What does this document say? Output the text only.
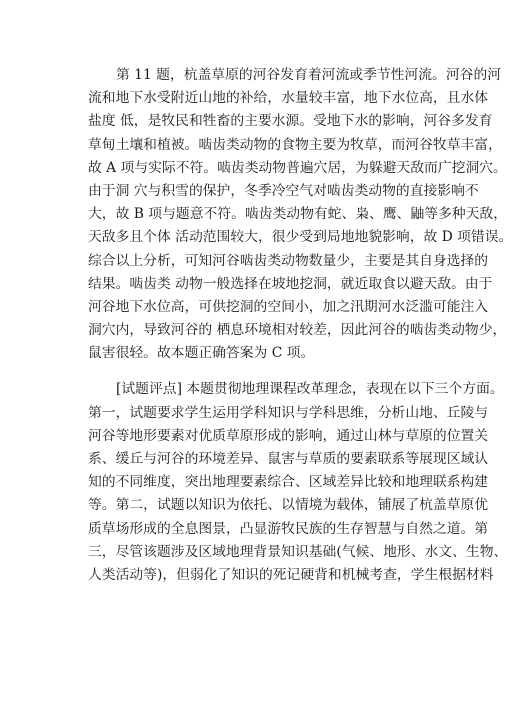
第 11 题，杭盖草原的河谷发育着河流或季节性河流。河谷的河
流和地下水受附近山地的补给，水量较丰富，地下水位高，且水体
盐度 低，是牧民和牲畜的主要水源。受地下水的影响，河谷多发育
草甸土壤和植被。啮齿类动物的食物主要为牧草，而河谷牧草丰富，
故 A 项与实际不符。啮齿类动物普遍穴居，为躲避天敌而广挖洞穴。
由于洞 穴与积雪的保护，冬季冷空气对啮齿类动物的直接影响不
大，故 B 项与题意不符。啮齿类动物有蛇、枭、鹰、鼬等多种天敌，
天敌多且个体 活动范围较大，很少受到局地地貌影响，故 D 项错误。
综合以上分析，可知河谷啮齿类动物数量少，主要是其自身选择的
结果。啮齿类 动物一般选择在坡地挖洞，就近取食以避天敌。由于
河谷地下水位高，可供挖洞的空间小，加之汛期河水泛滥可能注入
洞穴内，导致河谷的 栖息环境相对较差，因此河谷的啮齿类动物少，
鼠害很轻。故本题正确答案为 C 项。
[试题评点] 本题贯彻地理课程改革理念，表现在以下三个方面。
第一，试题要求学生运用学科知识与学科思维，分析山地、丘陵与
河谷等地形要素对优质草原形成的影响，通过山林与草原的位置关
系、缓丘与河谷的环境差异、鼠害与草质的要素联系等展现区域认
知的不同维度，突出地理要素综合、区域差异比较和地理联系构建
等。第二，试题以知识为依托、以情境为载体，铺展了杭盖草原优
质草场形成的全息图景，凸显游牧民族的生存智慧与自然之道。第
三，尽管该题涉及区域地理背景知识基础(气候、地形、水文、生物、
人类活动等)，但弱化了知识的死记硬背和机械考查，学生根据材料
